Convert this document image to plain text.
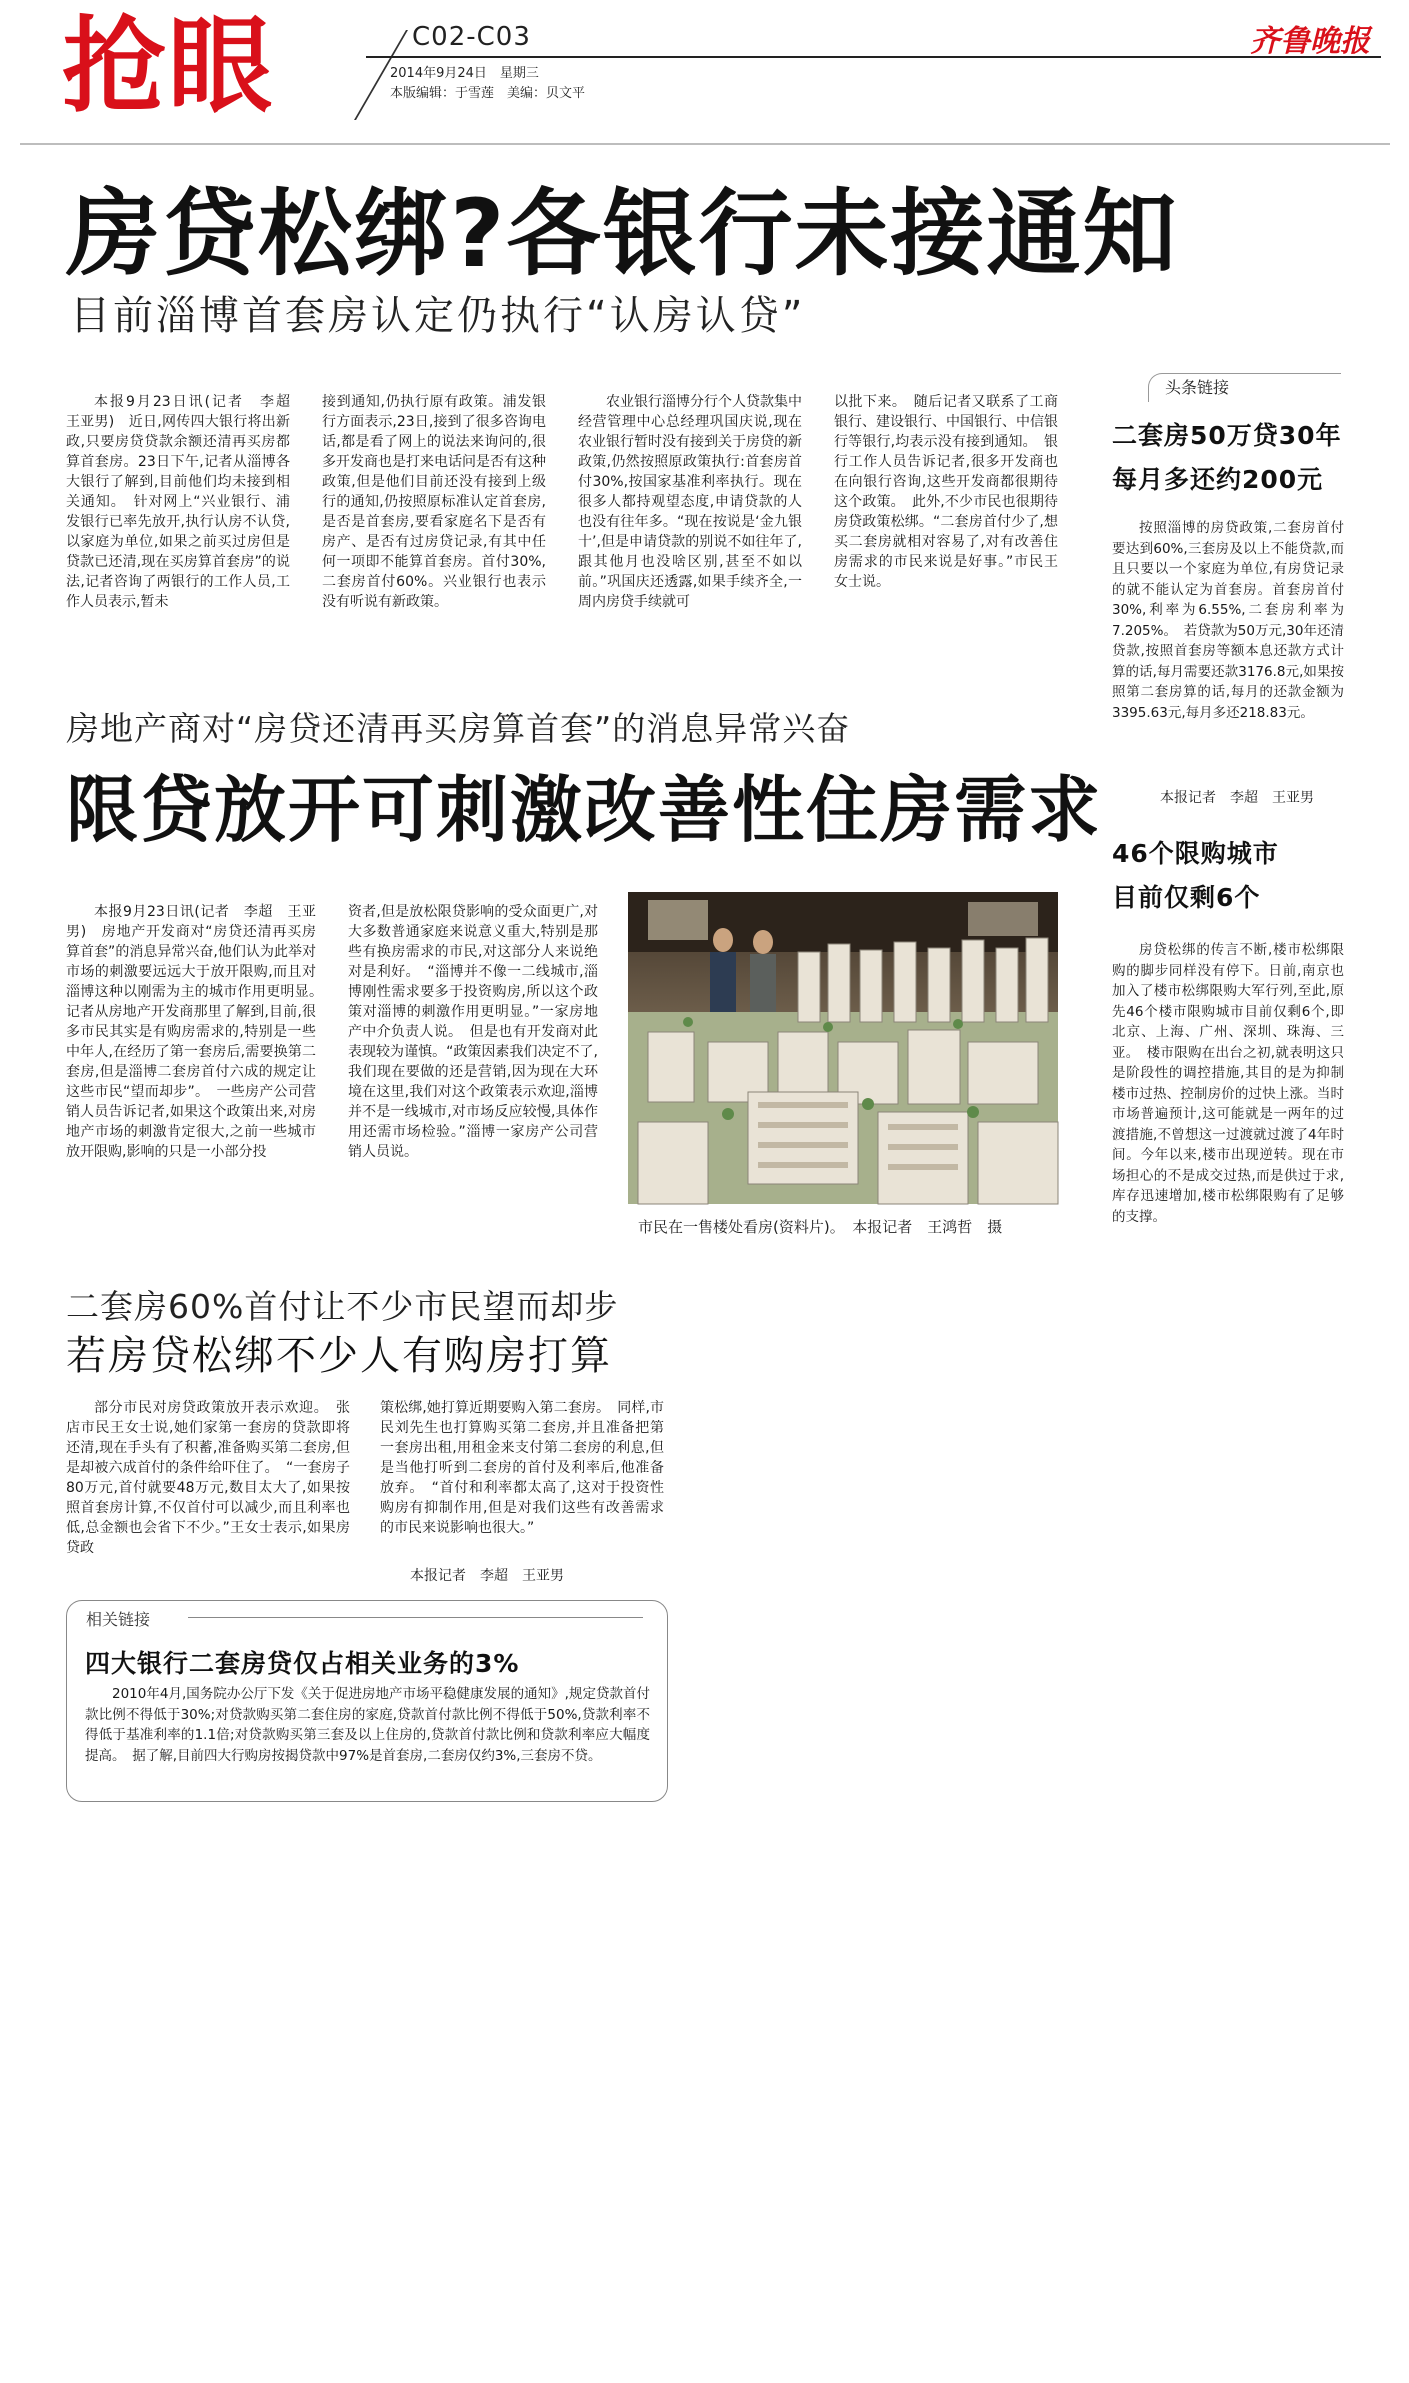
抢眼	C02-C03
2014年9月24日　星期三
本版编辑：于雪莲　美编：贝文平
齐鲁晚报
房贷松绑?各银行未接通知
目前淄博首套房认定仍执行“认房认贷”

本报9月23日讯(记者　李超　王亚男)　近日,网传四大银行将出新政,只要房贷贷款余额还清再买房都算首套房。23日下午,记者从淄博各大银行了解到,目前他们均未接到相关通知。　针对网上“兴业银行、浦发银行已率先放开,执行认房不认贷,以家庭为单位,如果之前买过房但是贷款已还清,现在买房算首套房”的说法,记者咨询了两银行的工作人员,工作人员表示,暂未

接到通知,仍执行原有政策。浦发银行方面表示,23日,接到了很多咨询电话,都是看了网上的说法来询问的,很多开发商也是打来电话问是否有这种政策,但是他们目前还没有接到上级行的通知,仍按照原标准认定首套房,是否是首套房,要看家庭名下是否有房产、是否有过房贷记录,有其中任何一项即不能算首套房。首付30%,二套房首付60%。兴业银行也表示没有听说有新政策。

农业银行淄博分行个人贷款集中经营管理中心总经理巩国庆说,现在农业银行暂时没有接到关于房贷的新政策,仍然按照原政策执行:首套房首付30%,按国家基准利率执行。现在很多人都持观望态度,申请贷款的人也没有往年多。“现在按说是‘金九银十’,但是申请贷款的别说不如往年了,跟其他月也没啥区别,甚至不如以前。”巩国庆还透露,如果手续齐全,一周内房贷手续就可

以批下来。　随后记者又联系了工商银行、建设银行、中国银行、中信银行等银行,均表示没有接到通知。　银行工作人员告诉记者,很多开发商也在向银行咨询,这些开发商都很期待这个政策。　此外,不少市民也很期待房贷政策松绑。“二套房首付少了,想买二套房就相对容易了,对有改善住房需求的市民来说是好事。”市民王女士说。

头条链接
二套房50万贷30年
每月多还约200元

按照淄博的房贷政策,二套房首付要达到60%,三套房及以上不能贷款,而且只要以一个家庭为单位,有房贷记录的就不能认定为首套房。首套房首付30%,利率为6.55%,二套房利率为7.205%。　若贷款为50万元,30年还清贷款,按照首套房等额本息还款方式计算的话,每月需要还款3176.8元,如果按照第二套房算的话,每月的还款金额为3395.63元,每月多还218.83元。

本报记者　李超　王亚男
46个限购城市
目前仅剩6个

房贷松绑的传言不断,楼市松绑限购的脚步同样没有停下。日前,南京也加入了楼市松绑限购大军行列,至此,原先46个楼市限购城市目前仅剩6个,即北京、上海、广州、深圳、珠海、三亚。　楼市限购在出台之初,就表明这只是阶段性的调控措施,其目的是为抑制楼市过热、控制房价的过快上涨。当时市场普遍预计,这可能就是一两年的过渡措施,不曾想这一过渡就过渡了4年时间。今年以来,楼市出现逆转。现在市场担心的不是成交过热,而是供过于求,库存迅速增加,楼市松绑限购有了足够的支撑。

房地产商对“房贷还清再买房算首套”的消息异常兴奋
限贷放开可刺激改善性住房需求

本报9月23日讯(记者　李超　王亚男)　房地产开发商对“房贷还清再买房算首套”的消息异常兴奋,他们认为此举对市场的刺激要远远大于放开限购,而且对淄博这种以刚需为主的城市作用更明显。　记者从房地产开发商那里了解到,目前,很多市民其实是有购房需求的,特别是一些中年人,在经历了第一套房后,需要换第二套房,但是淄博二套房首付六成的规定让这些市民“望而却步”。　一些房产公司营销人员告诉记者,如果这个政策出来,对房地产市场的刺激肯定很大,之前一些城市放开限购,影响的只是一小部分投

资者,但是放松限贷影响的受众面更广,对大多数普通家庭来说意义重大,特别是那些有换房需求的市民,对这部分人来说绝对是利好。　“淄博并不像一二线城市,淄博刚性需求要多于投资购房,所以这个政策对淄博的刺激作用更明显。”一家房地产中介负责人说。　但是也有开发商对此表现较为谨慎。“政策因素我们决定不了,我们现在要做的还是营销,因为现在大环境在这里,我们对这个政策表示欢迎,淄博并不是一线城市,对市场反应较慢,具体作用还需市场检验。”淄博一家房产公司营销人员说。

市民在一售楼处看房(资料片)。　本报记者　王鸿哲　摄
二套房60%首付让不少市民望而却步
若房贷松绑不少人有购房打算

部分市民对房贷政策放开表示欢迎。　张店市民王女士说,她们家第一套房的贷款即将还清,现在手头有了积蓄,准备购买第二套房,但是却被六成首付的条件给吓住了。　“一套房子80万元,首付就要48万元,数目太大了,如果按照首套房计算,不仅首付可以减少,而且利率也低,总金额也会省下不少。”王女士表示,如果房贷政

策松绑,她打算近期要购入第二套房。　同样,市民刘先生也打算购买第二套房,并且准备把第一套房出租,用租金来支付第二套房的利息,但是当他打听到二套房的首付及利率后,他准备放弃。　“首付和利率都太高了,这对于投资性购房有抑制作用,但是对我们这些有改善需求的市民来说影响也很大。”

本报记者　李超　王亚男
相关链接
四大银行二套房贷仅占相关业务的3%

2010年4月,国务院办公厅下发《关于促进房地产市场平稳健康发展的通知》,规定贷款首付款比例不得低于30%;对贷款购买第二套住房的家庭,贷款首付款比例不得低于50%,贷款利率不得低于基准利率的1.1倍;对贷款购买第三套及以上住房的,贷款首付款比例和贷款利率应大幅度提高。　据了解,目前四大行购房按揭贷款中97%是首套房,二套房仅约3%,三套房不贷。
